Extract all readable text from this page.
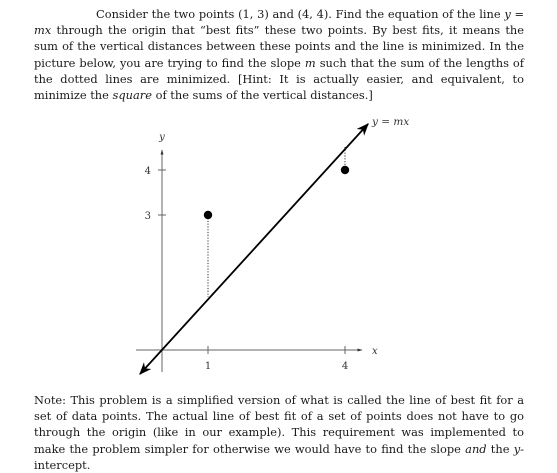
Consider the two points (1, 3) and (4, 4). Find the equation of the line y = mx through the origin that “best fits” these two points. By best fits, it means the sum of the vertical distances between these points and the line is minimized. In the picture below, you are trying to find the slope m such that the sum of the lengths of the dotted lines are minimized. [Hint: It is actually easier, and equivalent, to minimize the square of the sums of the vertical distances.]

1	4
3
4
y
x
y = mx

Note: This problem is a simplified version of what is called the line of best fit for a set of data points. The actual line of best fit of a set of points does not have to go through the origin (like in our example). This requirement was implemented to make the problem simpler for otherwise we would have to find the slope and the y-intercept.
